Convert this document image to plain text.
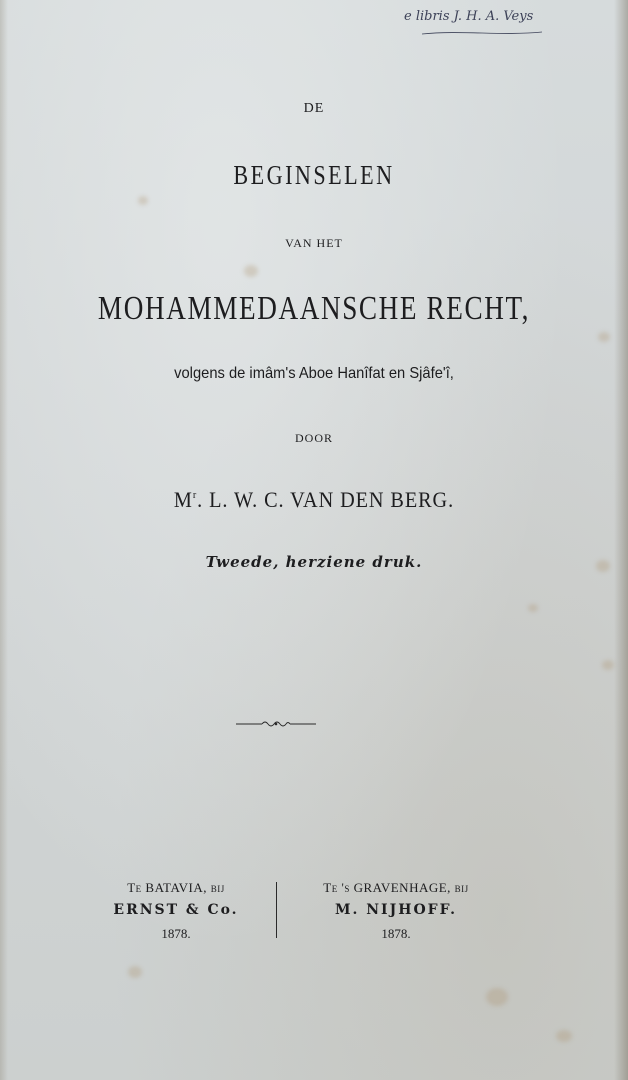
e libris J. H. A. Veys
DE
BEGINSELEN
VAN HET
MOHAMMEDAANSCHE RECHT,
volgens de imâm's Aboe Hanîfat en Sjâfe'î,
DOOR
$M^r$. L. W. C. VAN DEN BERG.
Tweede, herziene druk.
Te BATAVIA, bij
ERNST & Co.
1878.
Te 's GRAVENHAGE, bij
M. NIJHOFF.
1878.
